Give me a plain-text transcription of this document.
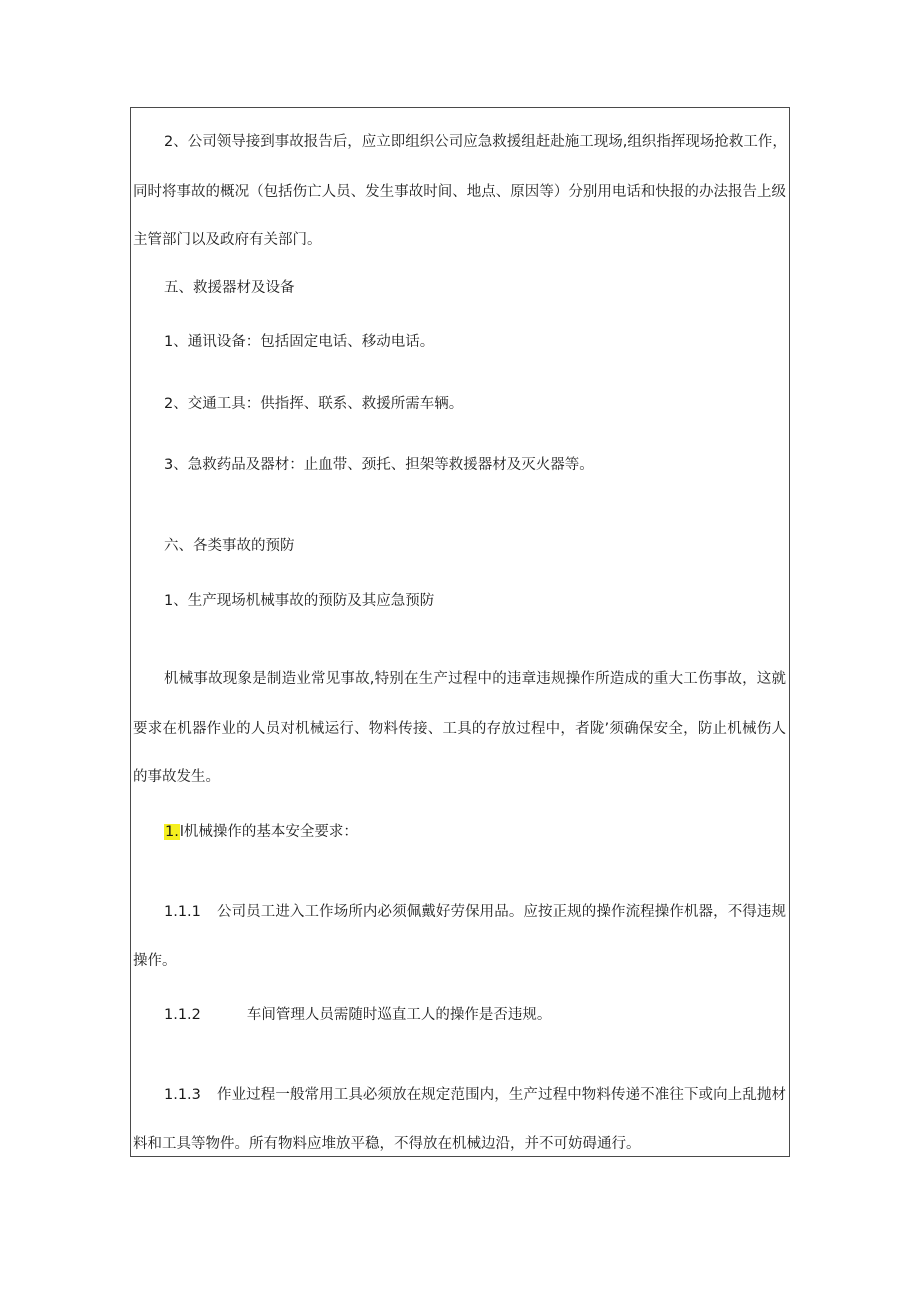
2、公司领导接到事故报告后，应立即组织公司应急救援组赶赴施工现场,组织指挥现场抢救工作，
同时将事故的概况（包括伤亡人员、发生事故时间、地点、原因等）分别用电话和快报的办法报告上级
主管部门以及政府有关部门。
五、救援器材及设备
1、通讯设备：包括固定电话、移动电话。
2、交通工具：供指挥、联系、救援所需车辆。
3、急救药品及器材：止血带、颈托、担架等救援器材及灭火器等。
六、各类事故的预防
1、生产现场机械事故的预防及其应急预防
机械事故现象是制造业常见事故,特别在生产过程中的违章违规操作所造成的重大工伤事故，这就
要求在机器作业的人员对机械运行、物料传接、工具的存放过程中，者陇’须确保安全，防止机械伤人
的事故发生。
1.l机械操作的基本安全要求：
1.1.1 公司员工进入工作场所内必须佩戴好劳保用品。应按正规的操作流程操作机器，不得违规
操作。
1.1.2	车间管理人员需随时巡直工人的操作是否违规。
1.1.3 作业过程一般常用工具必须放在规定范围内，生产过程中物料传递不准往下或向上乱抛材
料和工具等物件。所有物料应堆放平稳，不得放在机械边沿，并不可妨碍通行。
